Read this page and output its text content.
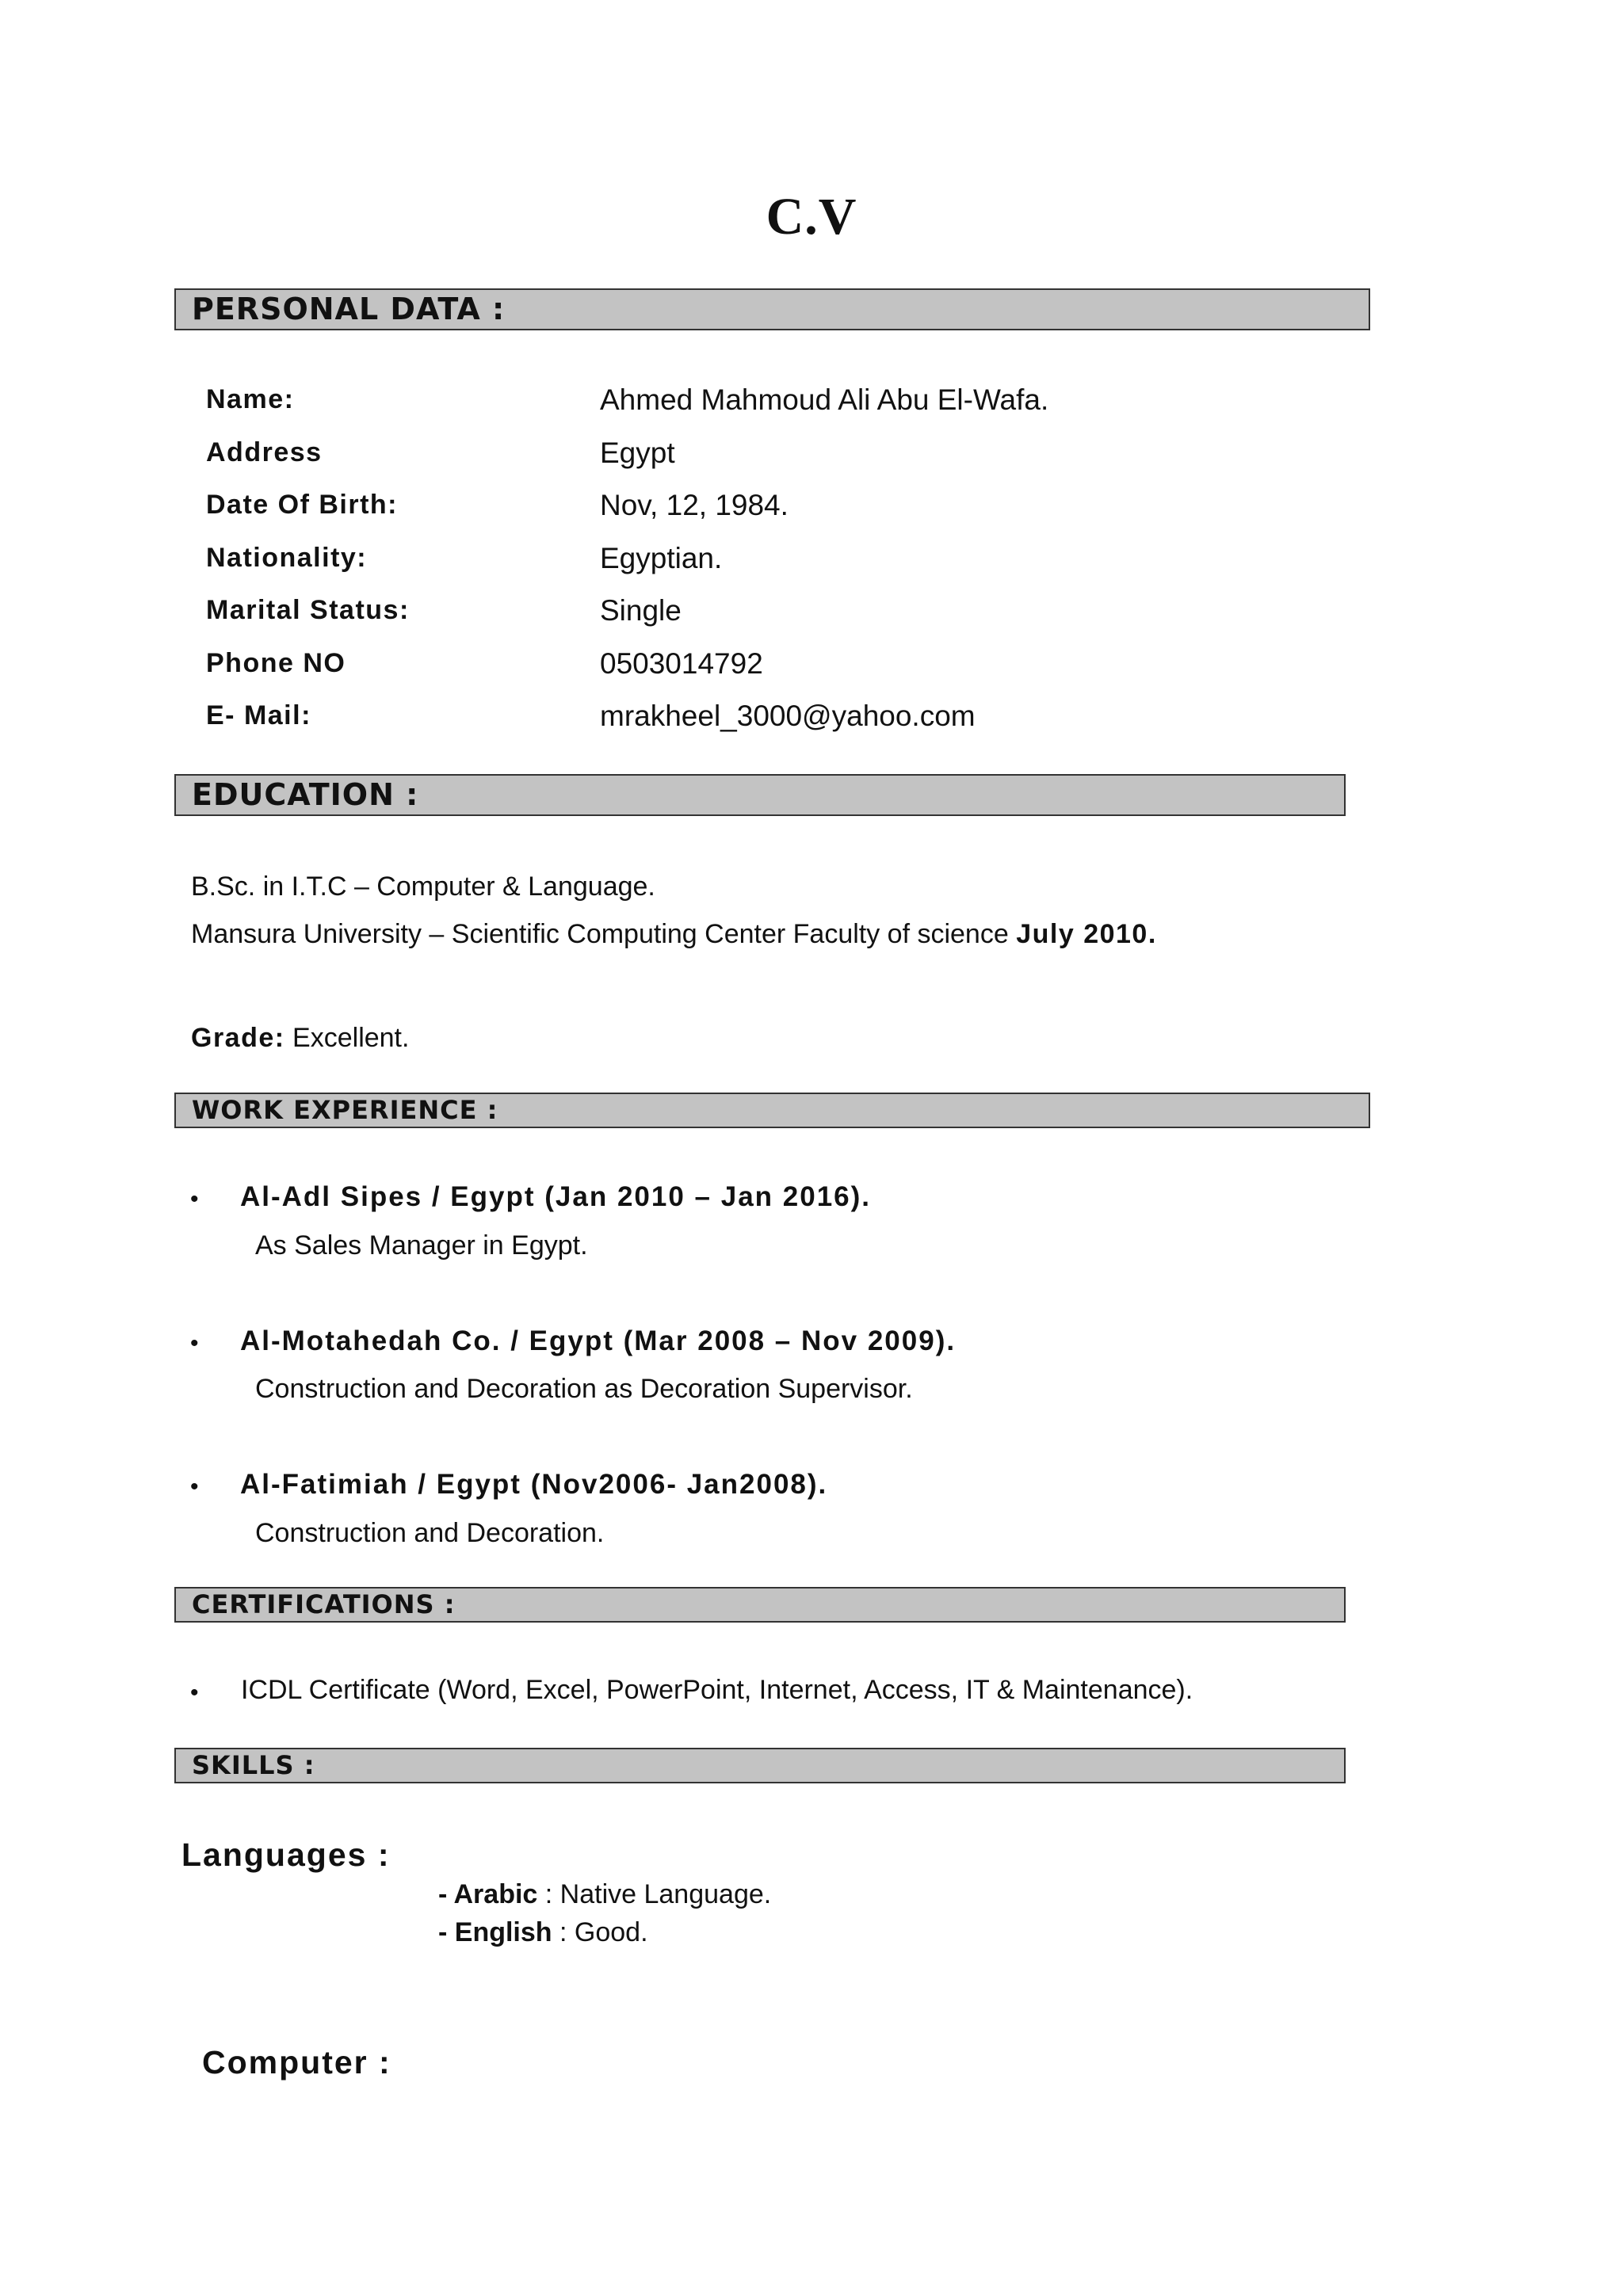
C.V
PERSONAL DATA :
Name:	Ahmed Mahmoud Ali Abu El-Wafa.
Address	Egypt
Date Of Birth:	Nov, 12, 1984.
Nationality:	Egyptian.
Marital Status:	Single
Phone NO	0503014792
E- Mail:	mrakheel_3000@yahoo.com
EDUCATION :
B.Sc. in I.T.C – Computer & Language.
Mansura University – Scientific Computing Center Faculty of science July 2010.
Grade: Excellent.
WORK EXPERIENCE :
• Al-Adl Sipes / Egypt (Jan 2010 – Jan 2016).
As Sales Manager in Egypt.
• Al-Motahedah Co. / Egypt (Mar 2008 – Nov 2009).
Construction and Decoration as Decoration Supervisor.
• Al-Fatimiah / Egypt (Nov2006- Jan2008).
Construction and Decoration.
CERTIFICATIONS :
• ICDL Certificate (Word, Excel, PowerPoint, Internet, Access, IT & Maintenance).
SKILLS :
Languages :
- Arabic : Native Language.
- English : Good.
Computer :
